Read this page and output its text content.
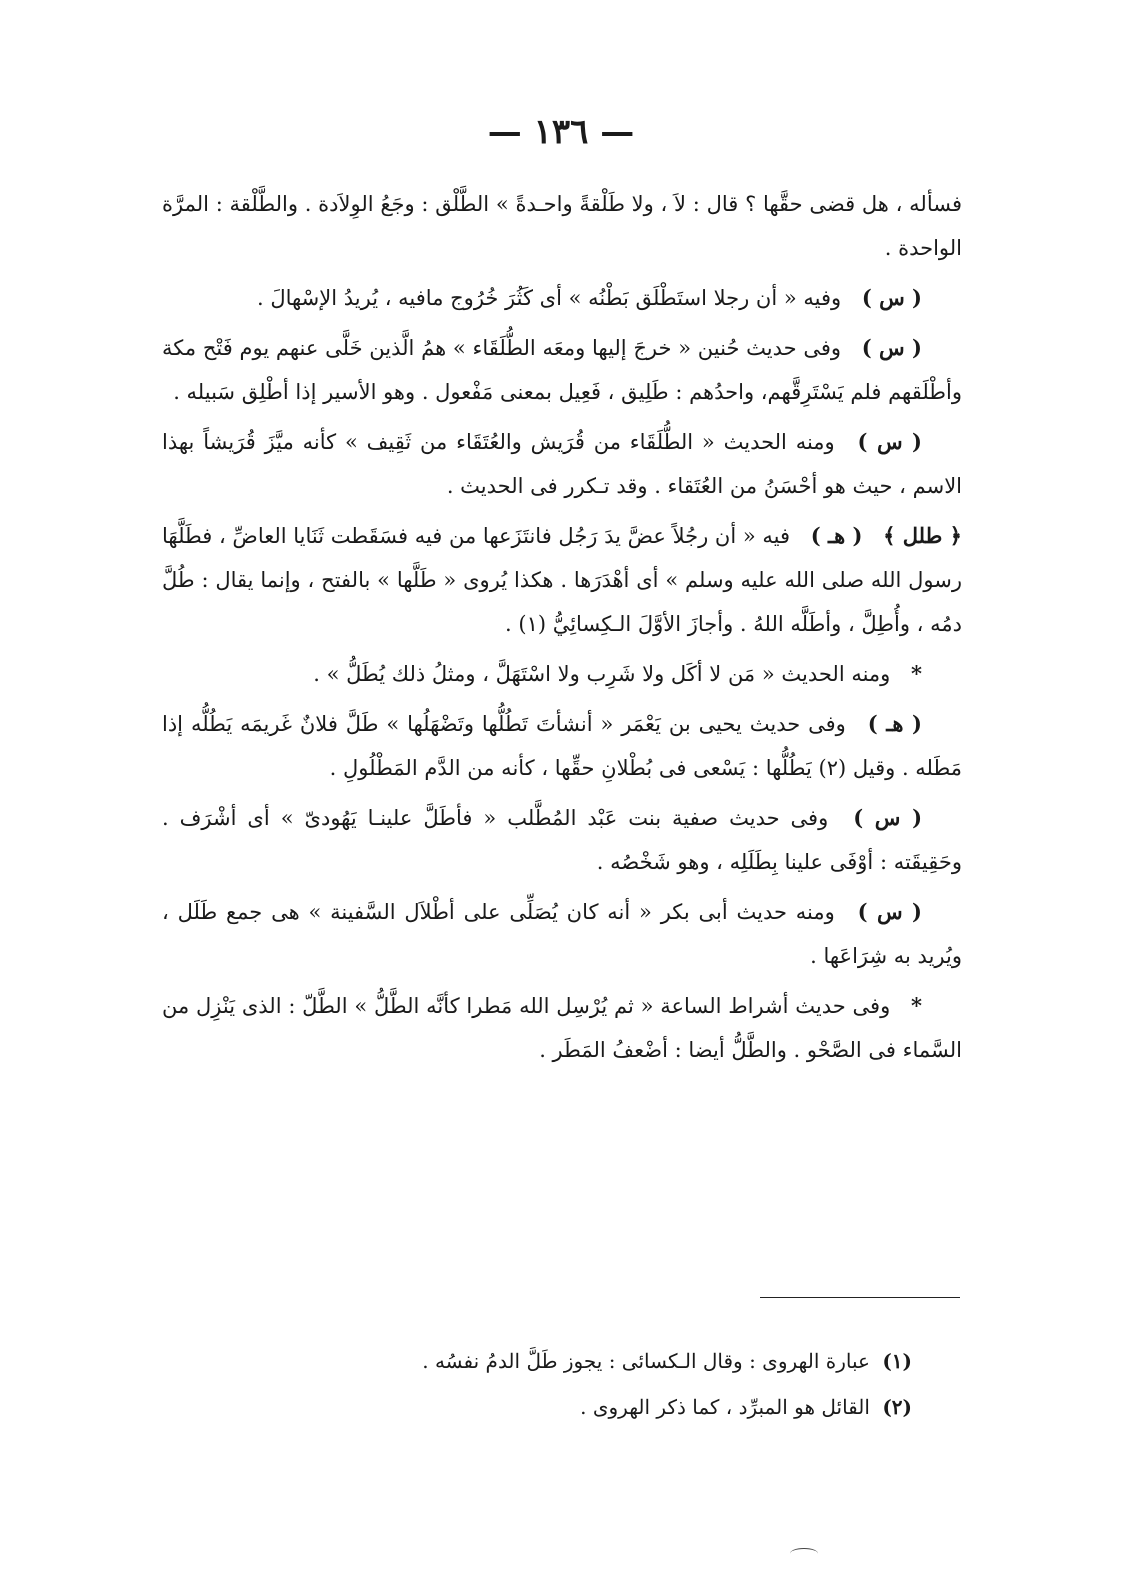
— ١٣٦ —

فسأله ، هل قضى حقَّها ؟ قال : لاَ ، ولا طَلْقةً واحـدةً » الطَّلْق : وجَعُ الوِلاَدة . والطَّلْقة : المرَّة الواحدة .

( س ) وفيه « أن رجلا استَطْلَق بَطْنُه » أى كَثُرَ خُرُوج مافيه ، يُريدُ الإسْهالَ .

( س ) وفى حديث حُنين « خرجَ إليها ومعَه الطُّلَقَاء » همُ الَّذين خَلَّى عنهم يوم فَتْح مكة وأطْلَقهم فلم يَسْتَرِقَّهم، واحدُهم : طَلِيق ، فَعِيل بمعنى مَفْعول . وهو الأسير إذا أطْلِق سَبيله .

( س ) ومنه الحديث « الطُّلَقَاء من قُرَيش والعُتَقَاء من ثَقِيف » كأنه ميَّزَ قُرَيشاً بهذا الاسم ، حيث هو أحْسَنُ من العُتَقاء . وقد تـكرر فى الحديث .

﴿ طلل ﴾ ( هـ ) فيه « أن رجُلاً عضَّ يدَ رَجُل فانتَزَعها من فيه فسَقَطت ثَنَايا العاضِّ ، فطَلَّهَا رسول الله صلى الله عليه وسلم » أى أهْدَرَها . هكذا يُروى « طَلَّها » بالفتح ، وإنما يقال : طُلَّ دمُه ، وأُطِلَّ ، وأطَلَّه اللهُ . وأجازَ الأوَّلَ الـكِسائِيُّ (١) .

* ومنه الحديث « مَن لا أكَل ولا شَرِب ولا اسْتَهَلَّ ، ومثلُ ذلك يُطَلُّ » .

( هـ ) وفى حديث يحيى بن يَعْمَر « أنشأتَ تَطُلُّها وتَضْهَلُها » طَلَّ فلانٌ غَريمَه يَطُلُّه إذا مَطَله . وقيل (٢) يَطُلُّها : يَسْعى فى بُطْلانِ حقِّها ، كأنه من الدَّم المَطْلُولِ .

( س ) وفى حديث صفية بنت عَبْد المُطَّلب « فأطَلَّ علينـا يَهُودىّ » أى أشْرَف . وحَقِيقَته : أوْفَى علينا بِطَلَلِه ، وهو شَخْصُه .

( س ) ومنه حديث أبى بكر « أنه كان يُصَلِّى على أطْلاَل السَّفينة » هى جمع طَلَل ، ويُريد به شِرَاعَها .

* وفى حديث أشراط الساعة « ثم يُرْسِل الله مَطرا كأنَّه الطَّلُّ » الطَّلّ : الذى يَنْزِل من السَّماء فى الصَّحْو . والطَّلُّ أيضا : أضْعفُ المَطَر .

(١) عبارة الهروى : وقال الـكسائى : يجوز طَلَّ الدمُ نفسُه .

(٢) القائل هو المبرِّد ، كما ذكر الهروى .
